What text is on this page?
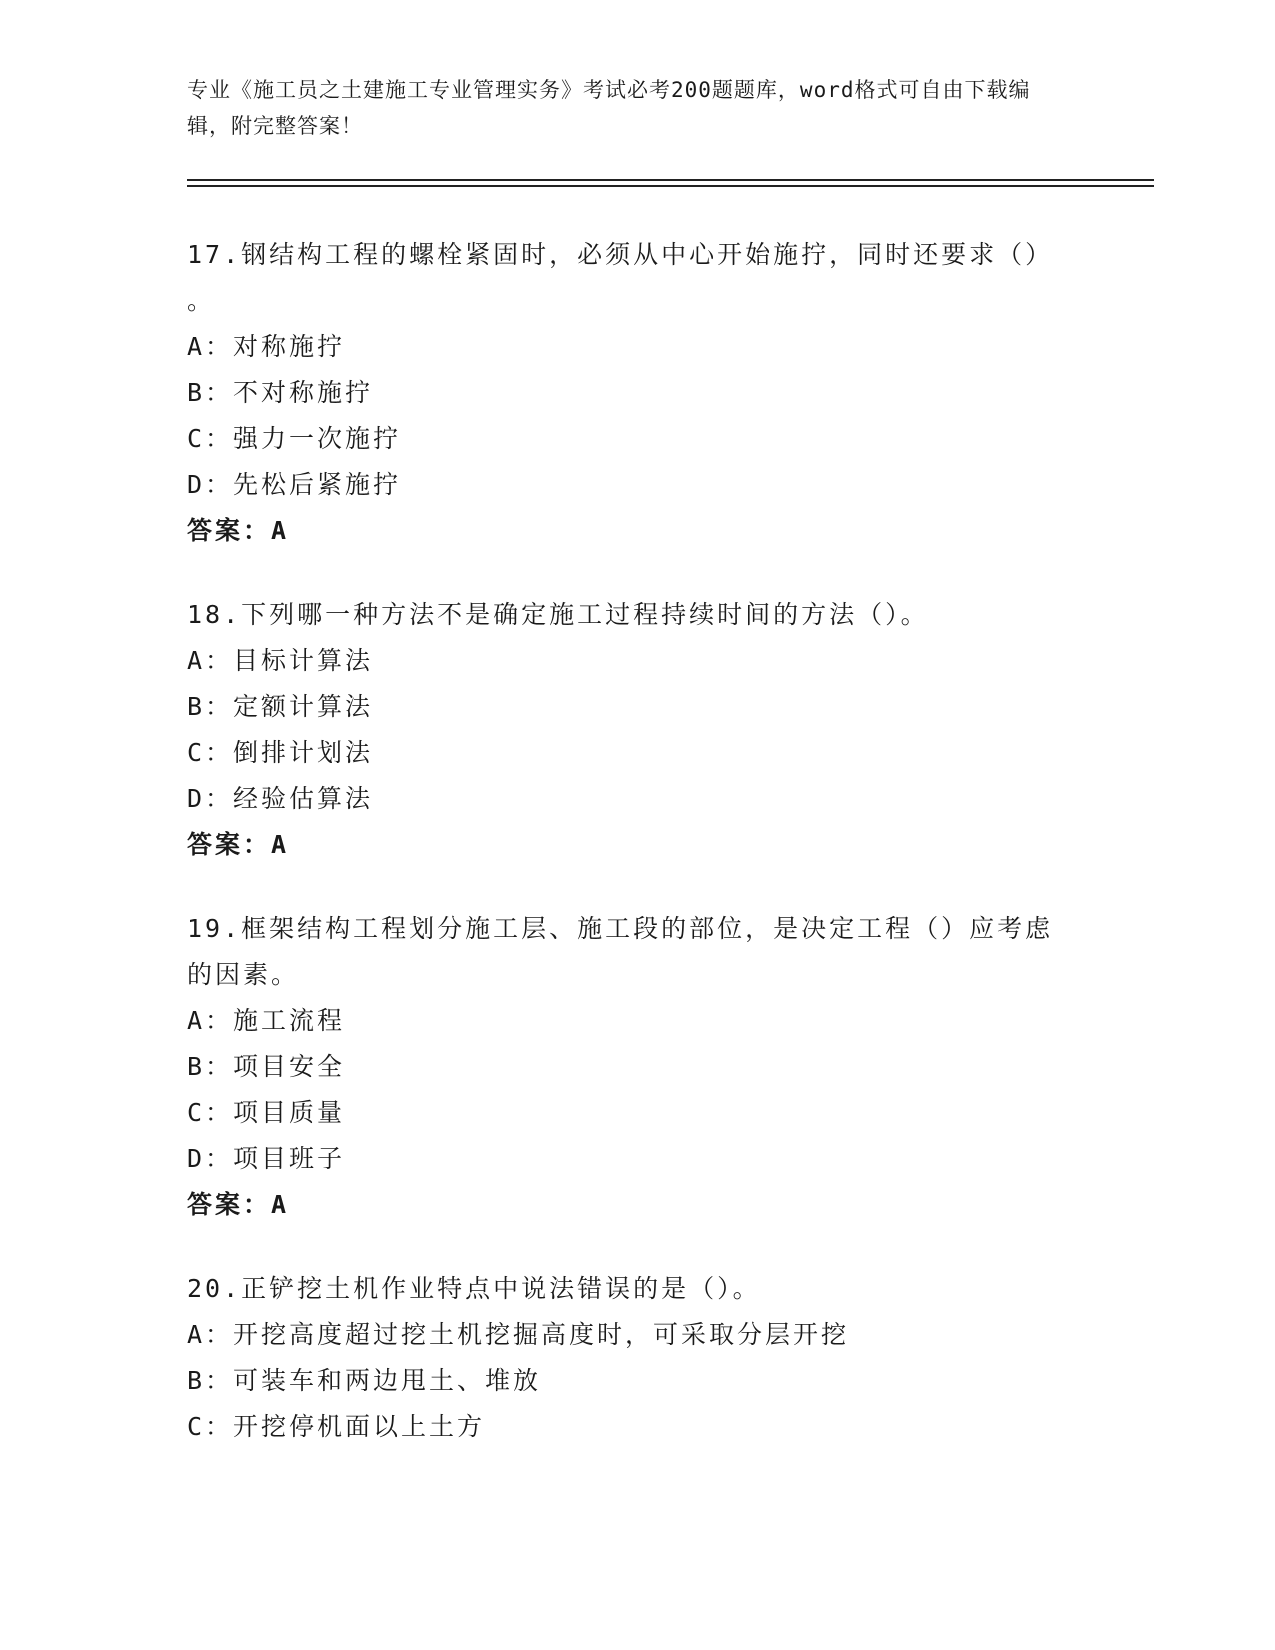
专业《施工员之土建施工专业管理实务》考试必考200题题库，word格式可自由下载编辑，附完整答案！
17.钢结构工程的螺栓紧固时，必须从中心开始施拧，同时还要求（）
。
A：对称施拧
B：不对称施拧
C：强力一次施拧
D：先松后紧施拧
答案：A
18.下列哪一种方法不是确定施工过程持续时间的方法（）。
A：目标计算法
B：定额计算法
C：倒排计划法
D：经验估算法
答案：A
19.框架结构工程划分施工层、施工段的部位，是决定工程（）应考虑
的因素。
A：施工流程
B：项目安全
C：项目质量
D：项目班子
答案：A
20.正铲挖土机作业特点中说法错误的是（）。
A：开挖高度超过挖土机挖掘高度时，可采取分层开挖
B：可装车和两边甩土、堆放
C：开挖停机面以上土方
